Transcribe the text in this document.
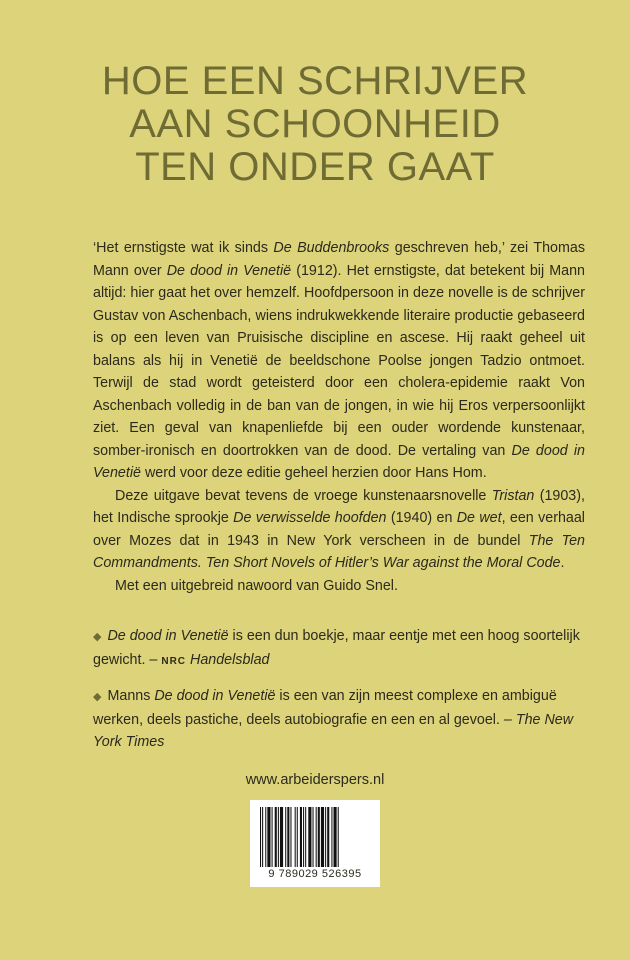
HOE EEN SCHRIJVER
AAN SCHOONHEID
TEN ONDER GAAT

‘Het ernstigste wat ik sinds De Buddenbrooks geschreven heb,’ zei Thomas Mann over De dood in Venetië (1912). Het ernstigste, dat betekent bij Mann altijd: hier gaat het over hemzelf. Hoofdpersoon in deze novelle is de schrijver Gustav von Aschenbach, wiens indrukwekkende literaire productie gebaseerd is op een leven van Pruisische discipline en ascese. Hij raakt geheel uit balans als hij in Venetië de beeldschone Poolse jongen Tadzio ontmoet. Terwijl de stad wordt geteisterd door een cholera-epidemie raakt Von Aschenbach volledig in de ban van de jongen, in wie hij Eros verpersoonlijkt ziet. Een geval van knapenliefde bij een ouder wordende kunstenaar, somber-ironisch en doortrokken van de dood. De vertaling van De dood in Venetië werd voor deze editie geheel herzien door Hans Hom.

Deze uitgave bevat tevens de vroege kunstenaarsnovelle Tristan (1903), het Indische sprookje De verwisselde hoofden (1940) en De wet, een verhaal over Mozes dat in 1943 in New York verscheen in de bundel The Ten Commandments. Ten Short Novels of Hitler’s War against the Moral Code.

Met een uitgebreid nawoord van Guido Snel.

◆ De dood in Venetië is een dun boekje, maar eentje met een hoog soortelijk gewicht. – NRC Handelsblad
◆ Manns De dood in Venetië is een van zijn meest complexe en ambiguë werken, deels pastiche, deels autobiografie en een en al gevoel. – The New York Times
www.arbeiderspers.nl
9 789029 526395
